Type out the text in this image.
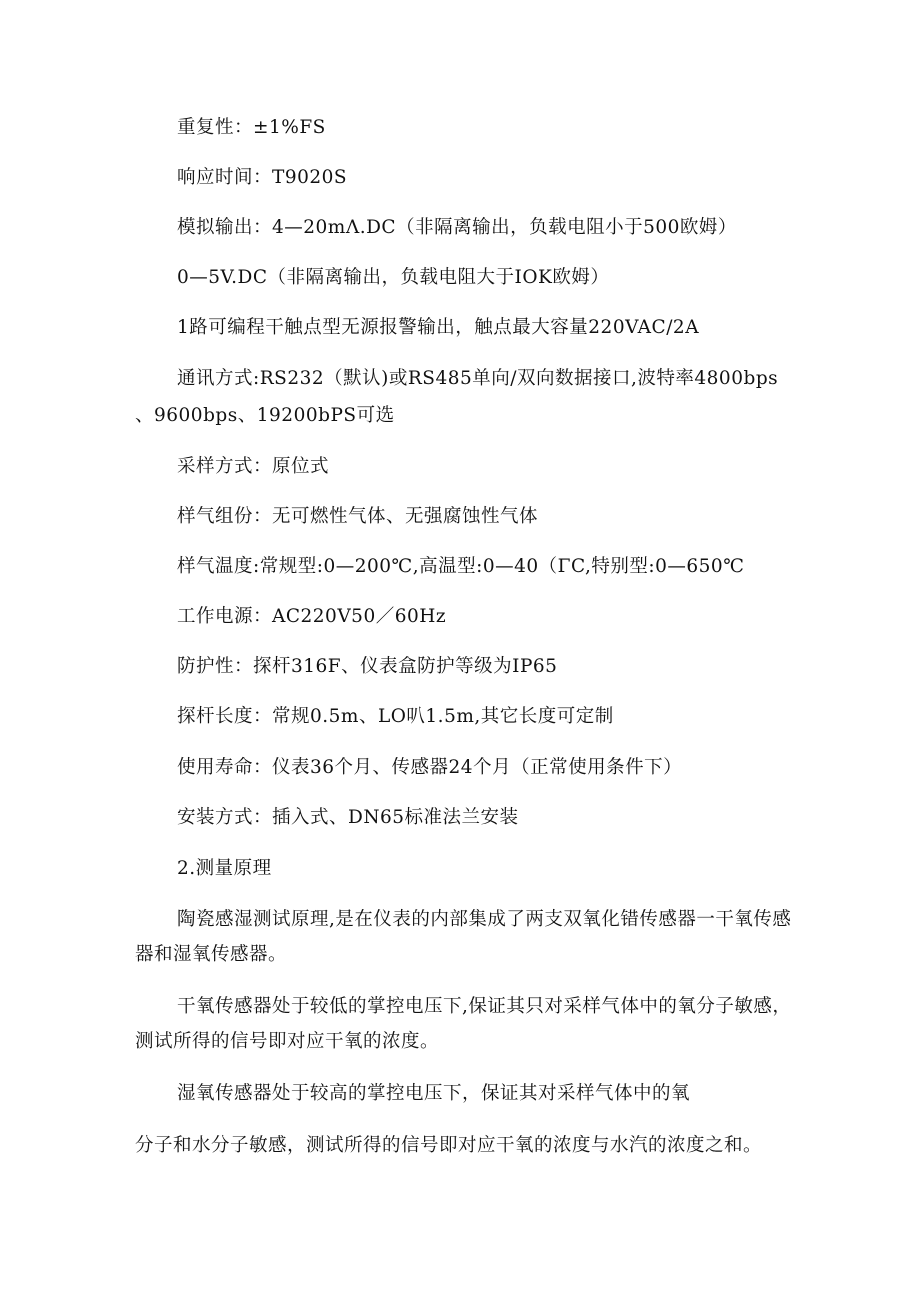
重复性：±1%FS
响应时间：T9020S
模拟输出：4—20mΛ.DC（非隔离输出，负载电阻小于500欧姆）
0—5V.DC（非隔离输出，负载电阻大于IOK欧姆）
1路可编程干触点型无源报警输出，触点最大容量220VAC/2A
通讯方式:RS232（默认)或RS485单向/双向数据接口,波特率4800bps
、9600bps、19200bPS可选
采样方式：原位式
样气组份：无可燃性气体、无强腐蚀性气体
样气温度:常规型:0—200℃,高温型:0—40（ΓC,特别型:0—650℃
工作电源：AC220V50／60Hz
防护性：探杆316F、仪表盒防护等级为IP65
探杆长度：常规0.5m、LO叭1.5m,其它长度可定制
使用寿命：仪表36个月、传感器24个月（正常使用条件下）
安装方式：插入式、DN65标准法兰安装
2.测量原理
陶瓷感湿测试原理,是在仪表的内部集成了两支双氧化错传感器一干氧传感器和湿氧传感器。
干氧传感器处于较低的掌控电压下,保证其只对采样气体中的氧分子敏感，测试所得的信号即对应干氧的浓度。
湿氧传感器处于较高的掌控电压下，保证其对采样气体中的氧
分子和水分子敏感，测试所得的信号即对应干氧的浓度与水汽的浓度之和。
